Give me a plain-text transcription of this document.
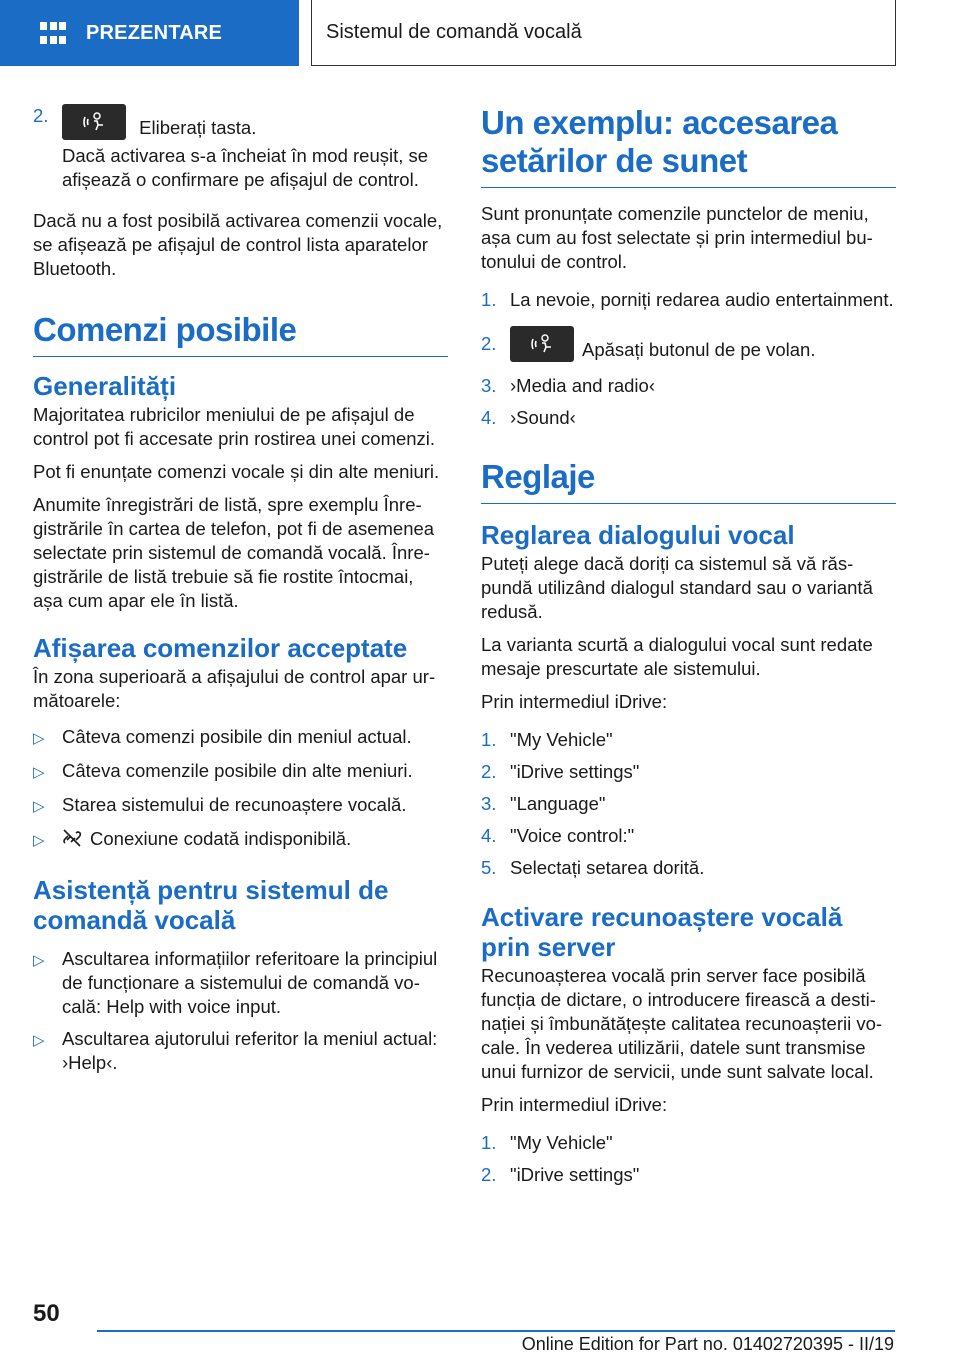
PREZENTARE	Sistemul de comandă vocală
2.
Eliberați tasta.

Dacă activarea s-a încheiat în mod reușit, se afișează o confirmare pe afișajul de control.

Dacă nu a fost posibilă activarea comenzii vocale, se afișează pe afișajul de control lista aparatelor Bluetooth.

Comenzi posibile
Generalități

Majoritatea rubricilor meniului de pe afișajul de control pot fi accesate prin rostirea unei comenzi.

Pot fi enunțate comenzi vocale și din alte meniuri.

Anumite înregistrări de listă, spre exemplu Înregistrările în cartea de telefon, pot fi de asemenea selectate prin sistemul de comandă vocală. Înregistrările de listă trebuie să fie rostite întocmai, așa cum apar ele în listă.

Afișarea comenzilor acceptate

În zona superioară a afișajului de control apar următoarele:

▷ Câteva comenzi posibile din meniul actual.
▷ Câteva comenzile posibile din alte meniuri.
▷ Starea sistemului de recunoaștere vocală.
▷	Conexiune codată indisponibilă.
Asistență pentru sistemul de comandă vocală
▷ Ascultarea informațiilor referitoare la principiul de funcționare a sistemului de comandă vocală: Help with voice input.
▷ Ascultarea ajutorului referitor la meniul actual: ›Help‹.
Un exemplu: accesarea setărilor de sunet

Sunt pronunțate comenzile punctelor de meniu, așa cum au fost selectate și prin intermediul butonului de control.

1. La nevoie, porniți redarea audio entertainment.
2.	Apăsați butonul de pe volan.
3. ›Media and radio‹
4. ›Sound‹
Reglaje
Reglarea dialogului vocal

Puteți alege dacă doriți ca sistemul să vă răspundă utilizând dialogul standard sau o variantă redusă.

La varianta scurtă a dialogului vocal sunt redate mesaje prescurtate ale sistemului.

Prin intermediul iDrive:

1. "My Vehicle"
2. "iDrive settings"
3. "Language"
4. "Voice control:"
5. Selectați setarea dorită.
Activare recunoaștere vocală prin server

Recunoașterea vocală prin server face posibilă funcția de dictare, o introducere firească a destinației și îmbunătățește calitatea recunoașterii vocale. În vederea utilizării, datele sunt transmise unui furnizor de servicii, unde sunt salvate local.

Prin intermediul iDrive:

1. "My Vehicle"
2. "iDrive settings"
50
Online Edition for Part no. 01402720395 - II/19
